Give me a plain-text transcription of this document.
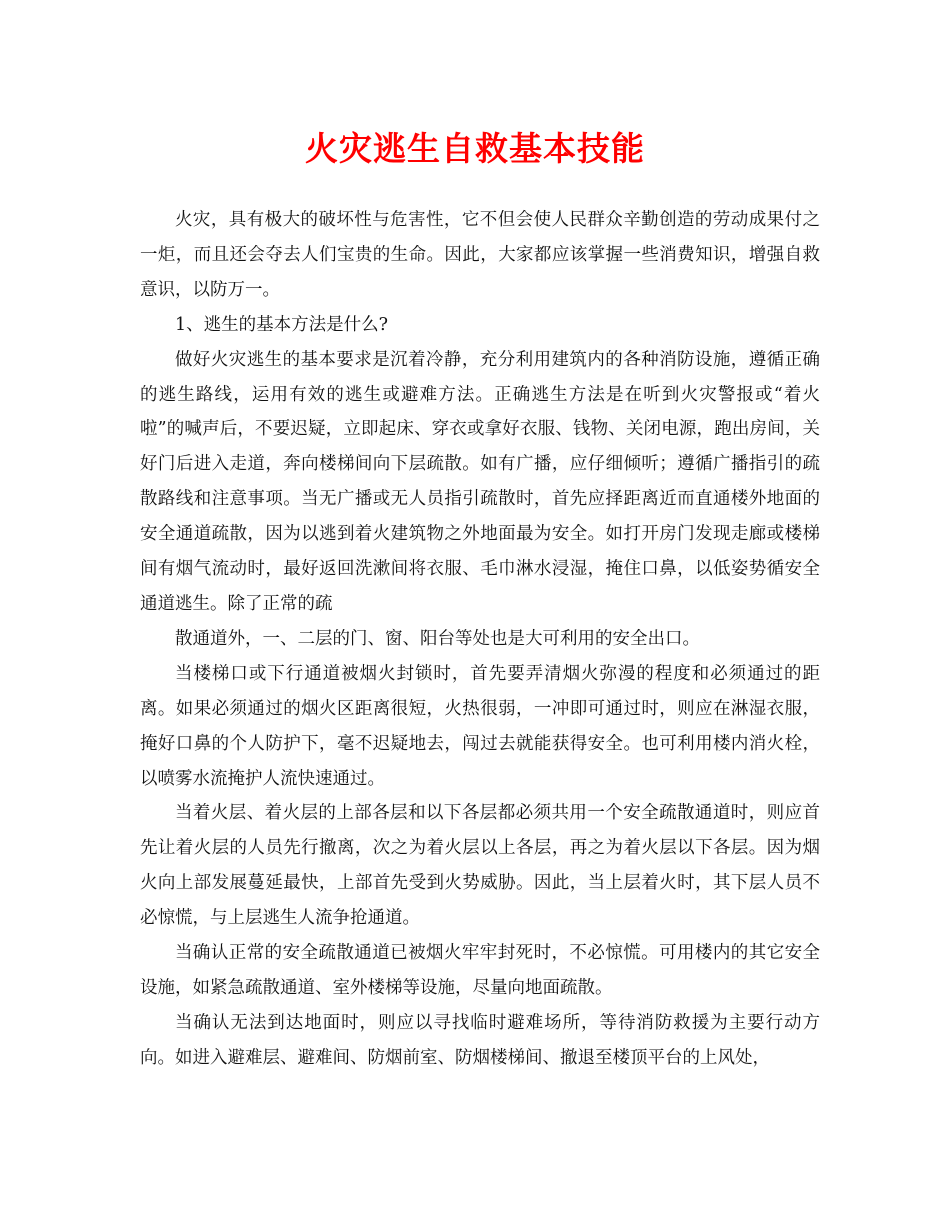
火灾逃生自救基本技能

火灾，具有极大的破坏性与危害性，它不但会使人民群众辛勤创造的劳动成果付之一炬，而且还会夺去人们宝贵的生命。因此，大家都应该掌握一些消费知识，增强自救意识，以防万一。

1、逃生的基本方法是什么?

做好火灾逃生的基本要求是沉着冷静，充分利用建筑内的各种消防设施，遵循正确的逃生路线，运用有效的逃生或避难方法。正确逃生方法是在听到火灾警报或“着火啦”的喊声后，不要迟疑，立即起床、穿衣或拿好衣服、钱物、关闭电源，跑出房间，关好门后进入走道，奔向楼梯间向下层疏散。如有广播，应仔细倾听；遵循广播指引的疏散路线和注意事项。当无广播或无人员指引疏散时，首先应择距离近而直通楼外地面的安全通道疏散，因为以逃到着火建筑物之外地面最为安全。如打开房门发现走廊或楼梯间有烟气流动时，最好返回洗漱间将衣服、毛巾淋水浸湿，掩住口鼻，以低姿势循安全通道逃生。除了正常的疏

散通道外，一、二层的门、窗、阳台等处也是大可利用的安全出口。

当楼梯口或下行通道被烟火封锁时，首先要弄清烟火弥漫的程度和必须通过的距离。如果必须通过的烟火区距离很短，火热很弱，一冲即可通过时，则应在淋湿衣服，掩好口鼻的个人防护下，毫不迟疑地去，闯过去就能获得安全。也可利用楼内消火栓，以喷雾水流掩护人流快速通过。

当着火层、着火层的上部各层和以下各层都必须共用一个安全疏散通道时，则应首先让着火层的人员先行撤离，次之为着火层以上各层，再之为着火层以下各层。因为烟火向上部发展蔓延最快，上部首先受到火势威胁。因此，当上层着火时，其下层人员不必惊慌，与上层逃生人流争抢通道。

当确认正常的安全疏散通道已被烟火牢牢封死时，不必惊慌。可用楼内的其它安全设施，如紧急疏散通道、室外楼梯等设施，尽量向地面疏散。

当确认无法到达地面时，则应以寻找临时避难场所，等待消防救援为主要行动方向。如进入避难层、避难间、防烟前室、防烟楼梯间、撤退至楼顶平台的上风处，
